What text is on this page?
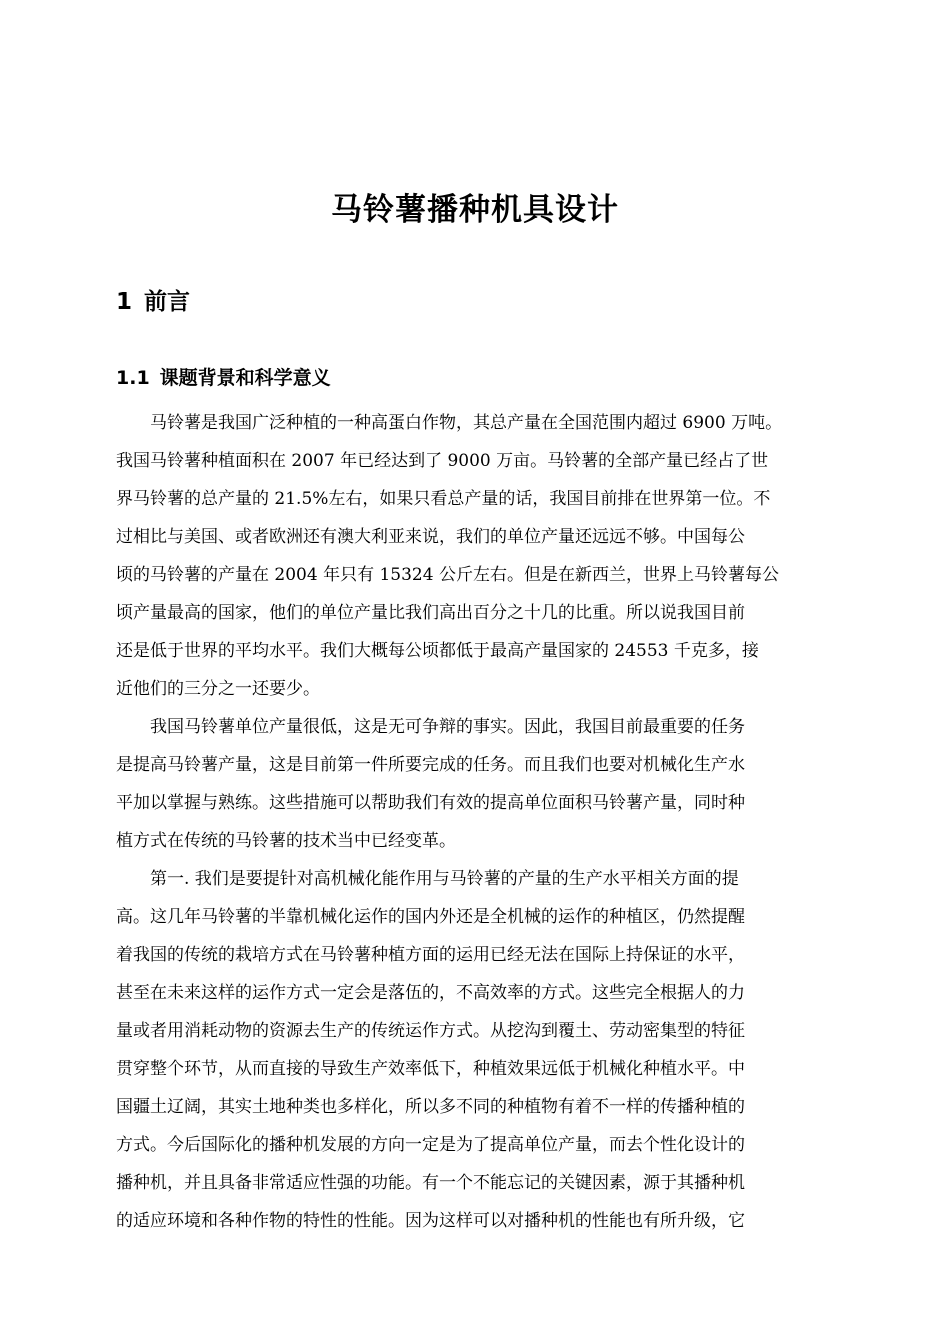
马铃薯播种机具设计
1 前言
1.1 课题背景和科学意义
马铃薯是我国广泛种植的一种高蛋白作物，其总产量在全国范围内超过 6900 万吨。
我国马铃薯种植面积在 2007 年已经达到了 9000 万亩。马铃薯的全部产量已经占了世
界马铃薯的总产量的 21.5%左右，如果只看总产量的话，我国目前排在世界第一位。不
过相比与美国、或者欧洲还有澳大利亚来说，我们的单位产量还远远不够。中国每公
顷的马铃薯的产量在 2004 年只有 15324 公斤左右。但是在新西兰，世界上马铃薯每公
顷产量最高的国家，他们的单位产量比我们高出百分之十几的比重。所以说我国目前
还是低于世界的平均水平。我们大概每公顷都低于最高产量国家的 24553 千克多，接
近他们的三分之一还要少。
我国马铃薯单位产量很低，这是无可争辩的事实。因此，我国目前最重要的任务
是提高马铃薯产量，这是目前第一件所要完成的任务。而且我们也要对机械化生产水
平加以掌握与熟练。这些措施可以帮助我们有效的提高单位面积马铃薯产量，同时种
植方式在传统的马铃薯的技术当中已经变革。
第一. 我们是要提针对高机械化能作用与马铃薯的产量的生产水平相关方面的提
高。这几年马铃薯的半靠机械化运作的国内外还是全机械的运作的种植区，仍然提醒
着我国的传统的栽培方式在马铃薯种植方面的运用已经无法在国际上持保证的水平，
甚至在未来这样的运作方式一定会是落伍的，不高效率的方式。这些完全根据人的力
量或者用消耗动物的资源去生产的传统运作方式。从挖沟到覆土、劳动密集型的特征
贯穿整个环节，从而直接的导致生产效率低下，种植效果远低于机械化种植水平。中
国疆土辽阔，其实土地种类也多样化，所以多不同的种植物有着不一样的传播种植的
方式。今后国际化的播种机发展的方向一定是为了提高单位产量，而去个性化设计的
播种机，并且具备非常适应性强的功能。有一个不能忘记的关键因素，源于其播种机
的适应环境和各种作物的特性的性能。因为这样可以对播种机的性能也有所升级，它
